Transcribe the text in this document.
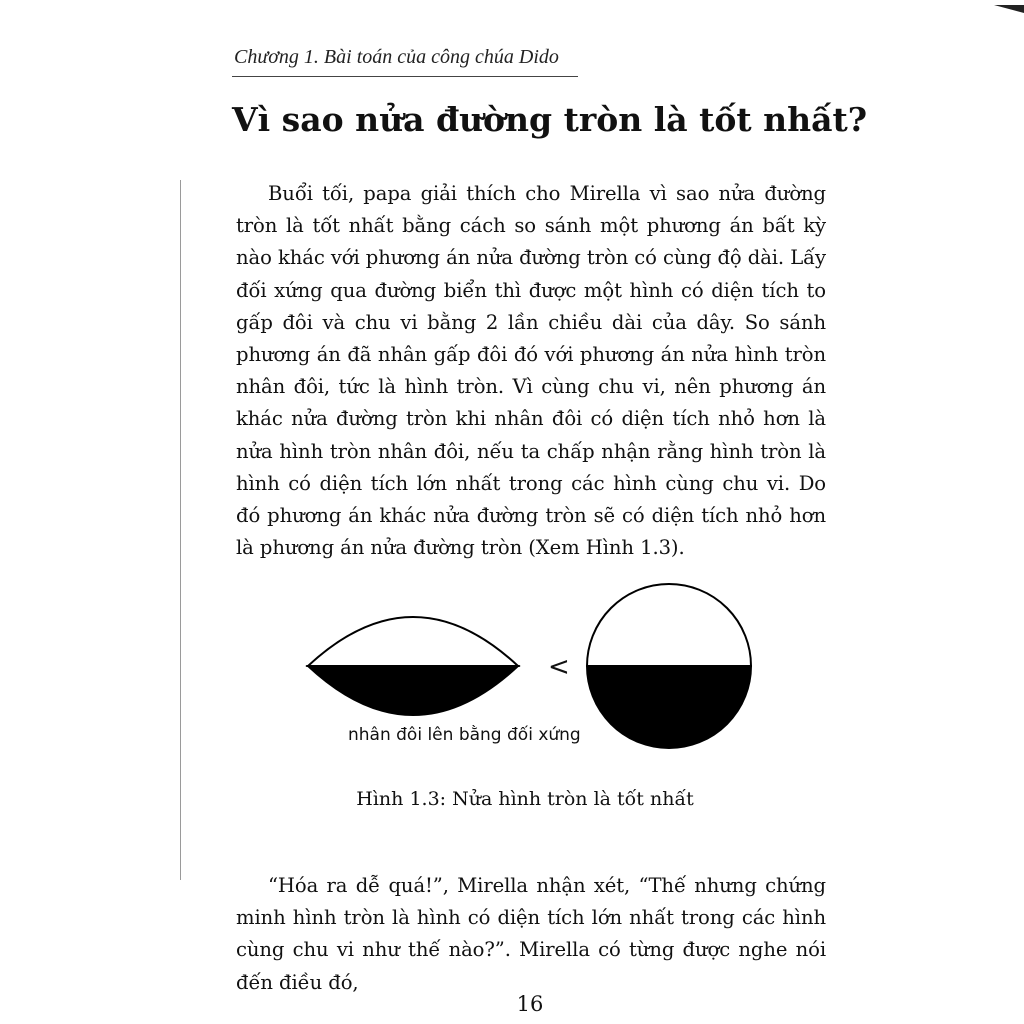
Chương 1. Bài toán của công chúa Dido
Vì sao nửa đường tròn là tốt nhất?

Buổi tối, papa giải thích cho Mirella vì sao nửa đường tròn là tốt nhất bằng cách so sánh một phương án bất kỳ nào khác với phương án nửa đường tròn có cùng độ dài. Lấy đối xứng qua đường biển thì được một hình có diện tích to gấp đôi và chu vi bằng 2 lần chiều dài của dây. So sánh phương án đã nhân gấp đôi đó với phương án nửa hình tròn nhân đôi, tức là hình tròn. Vì cùng chu vi, nên phương án khác nửa đường tròn khi nhân đôi có diện tích nhỏ hơn là nửa hình tròn nhân đôi, nếu ta chấp nhận rằng hình tròn là hình có diện tích lớn nhất trong các hình cùng chu vi. Do đó phương án khác nửa đường tròn sẽ có diện tích nhỏ hơn là phương án nửa đường tròn (Xem Hình 1.3).

<
nhân đôi lên bằng đối xứng
Hình 1.3: Nửa hình tròn là tốt nhất

“Hóa ra dễ quá!”, Mirella nhận xét, “Thế nhưng chứng minh hình tròn là hình có diện tích lớn nhất trong các hình cùng chu vi như thế nào?”. Mirella có từng được nghe nói đến điều đó,

16
